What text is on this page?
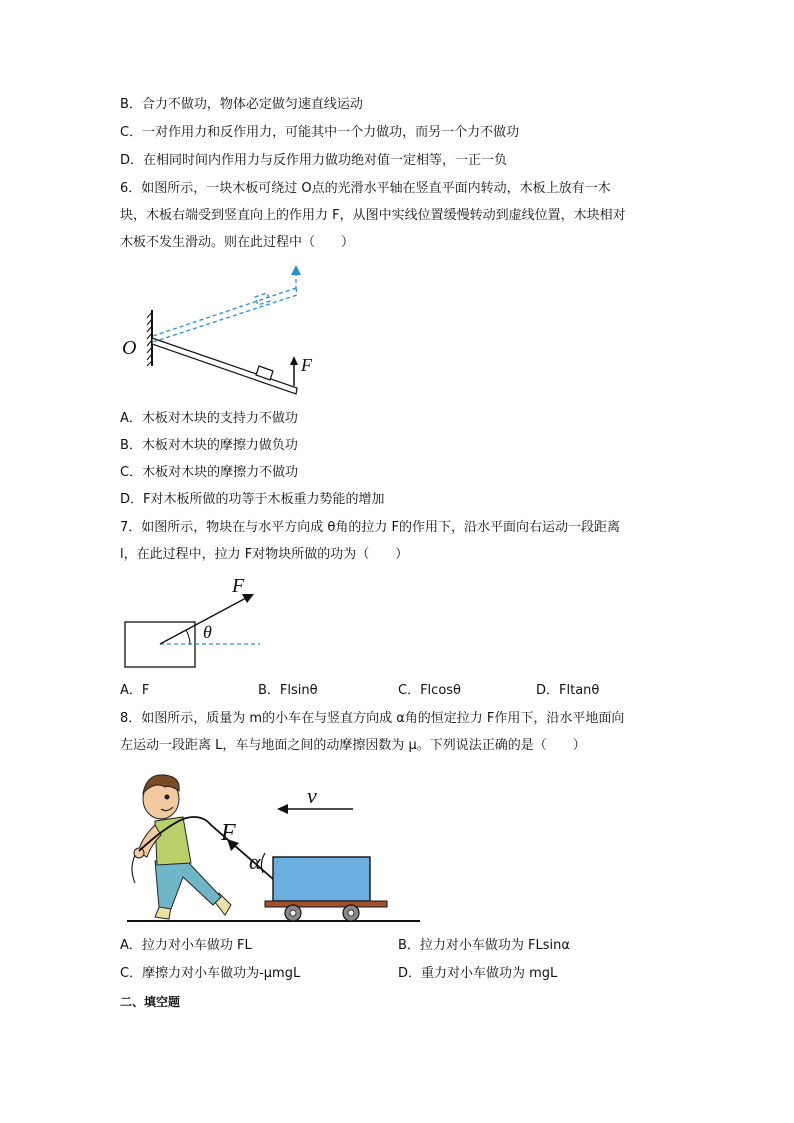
B．合力不做功，物体必定做匀速直线运动
C．一对作用力和反作用力，可能其中一个力做功，而另一个力不做功
D．在相同时间内作用力与反作用力做功绝对值一定相等，一正一负
6．如图所示，一块木板可绕过 O点的光滑水平轴在竖直平面内转动，木板上放有一木
块，木板右端受到竖直向上的作用力 F，从图中实线位置缓慢转动到虚线位置，木块相对
木板不发生滑动。则在此过程中（　　）
F
O
A．木板对木块的支持力不做功
B．木板对木块的摩擦力做负功
C．木板对木块的摩擦力不做功
D．F对木板所做的功等于木板重力势能的增加
7．如图所示，物块在与水平方向成 θ角的拉力 F的作用下，沿水平面向右运动一段距离
l，在此过程中，拉力 F对物块所做的功为（　　）
F
θ
A．F	B．Flsinθ	C．Flcosθ	D．Fltanθ
8．如图所示，质量为 m的小车在与竖直方向成 α角的恒定拉力 F作用下，沿水平地面向
左运动一段距离 L，车与地面之间的动摩擦因数为 μ。下列说法正确的是（　　）
v
F
α
A．拉力对小车做功 FL	B．拉力对小车做功为 FLsinα
C．摩擦力对小车做功为-μmgL	D．重力对小车做功为 mgL
二、填空题
